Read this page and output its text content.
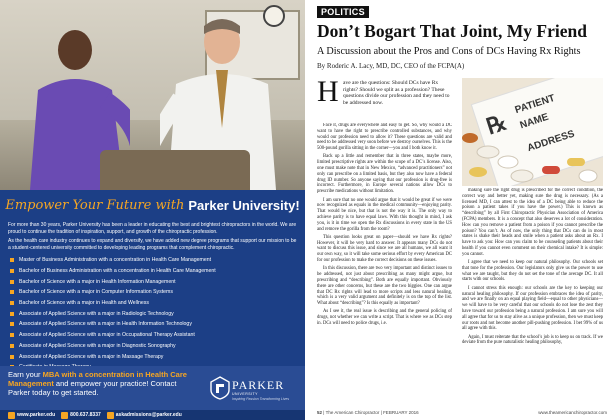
Empower Your Future with Parker University!

For more than 30 years, Parker University has been a leader in educating the best and brightest chiropractors in the world. We are proud to continue the tradition of inspiration, support, and growth of the chiropractic profession.

As the health care industry continues to expand and diversify, we have added new degree programs that support our mission to be a student-centered university committed to developing leading programs that complement chiropractic.

Master of Business Administration with a concentration in Health Care Management
Bachelor of Business Administration with a concentration in Health Care Management
Bachelor of Science with a major in Health Information Management
Bachelor of Science with a major in Computer Information Systems
Bachelor of Science with a major in Health and Wellness
Associate of Applied Science with a major in Radiologic Technology
Associate of Applied Science with a major in Health Information Technology
Associate of Applied Science with a major in Occupational Therapy Assistant
Associate of Applied Science with a major in Diagnostic Sonography
Associate of Applied Science with a major in Massage Therapy
Earn your MBA with a concentration in Health Care Management and empower your practice! Contact Parker today to get started.
PARKER
UNIVERSITY
Inspiring Passion Transforming Lives
www.parker.edu	800.637.8337	askadmissions@parker.edu
POLITICS
Don’t Bogart That Joint, My Friend
A Discussion about the Pros and Cons of DCs Having Rx Rights
By Roderic A. Lacy, MD, DC, CEO of the FCPA(A)
H ave are the questions: Should DCs have Rx rights? Should we split as a profession? These questions divide our profession and they need to be addressed now.

Face it, drugs are everywhere and easy to get. So, why would a DC want to have the right to prescribe controlled substances, and why would our profession need to allow it? These questions are valid and need to be addressed very soon before we destroy ourselves. This is the 500-pound gorilla sitting in the corner—you and I both know it.

Back up a little and remember that in three states, maybe more, limited prescriptive rights are within the scope of a DC’s license. Also, one must make note that in New Mexico, “advanced practitioners” not only can prescribe on a limited basis, but they also now have a federal drug ID number. So anyone saying that our profession is drug-free is incorrect. Furthermore, in Europe several nations allow DCs to prescribe medications without limitation.

I am sure that no one would argue that it would be great if we were now recognized as equals in the medical community—enjoying parity. That would be nice, but that is not the way it is. The only way to achieve parity is to have equal laws. With this thought in mind, I ask you, is it in time we open the Rx discussions in every state in the US and remove the gorilla from the room?

This question looks great on paper—should we have Rx rights? However, it will be very hard to answer. It appears many DCs do not want to discuss this issue, and since we are all humans, we all want it our own way, so it will take some serious effort by every American DC for our profession to make the correct decisions on these issues.

In this discussion, there are two very important and distinct issues to be addressed, not just about prescribing as many might argue, but prescribing and “describing”. Both are equally important. Obviously there are other concerns, but these are the two biggies. One can argue that DC Rx rights will lead to more scripts and less natural healing, which is a very valid argument and definitely is on the top of the list. What about “describing”? Is this equally as important?

As I see it, the real issue is describing and the general policing of drugs, not whether we can write a script. That is where we as DCs step in. DCs will need to police drugs, i.e.

PATIENT
NAME
ADDRESS
℞

making sure the right drug is prescribed for the correct condition, the correct way and better yet, making sure the drug is necessary. (As a licensed MD, I can attest to the idea of a DC being able to reduce the poison a patient takes if you have the power.) This is known as “describing” by all First Chiropractic Physician Association of America (FCPA) members. It is a concept that also deserves a lot of consideration. How can you remove a patient from a poison if you cannot prescribe the poison? You can’t. As of now, the only thing that DCs can do in most states is shake their heads and smile when a patient asks about an Rx. I have to ask you: How can you claim to be counseling patients about their health if you cannot even comment on their chemical intake? It is simple: you cannot.

I agree that we need to keep our natural philosophy. Our schools set that tone for the profession. Our legislators only give us the power to use what we are taught, but they do not set the tone of the average DC. It all starts with our schools.

I cannot stress this enough: our schools are the key to keeping our natural healing philosophy. If our profession embraces the idea of parity, and we are finally on an equal playing field—equal to other physicians—we will have to be very careful that our schools do not lose the zest they have toward our profession being a natural profession. I am sure you will all agree that for us to stay alive as a unique profession, then we must keep our roots and not become another pill-pushing profession. I bet 99% of us all agree with this.

Again, I must reiterate that the school’s job is to keep us on track. If we deviate from the pure naturalistic healing philosophy,

52 | The American Chiropractor | FEBRUARY 2016	www.theamericanchiropractor.com
